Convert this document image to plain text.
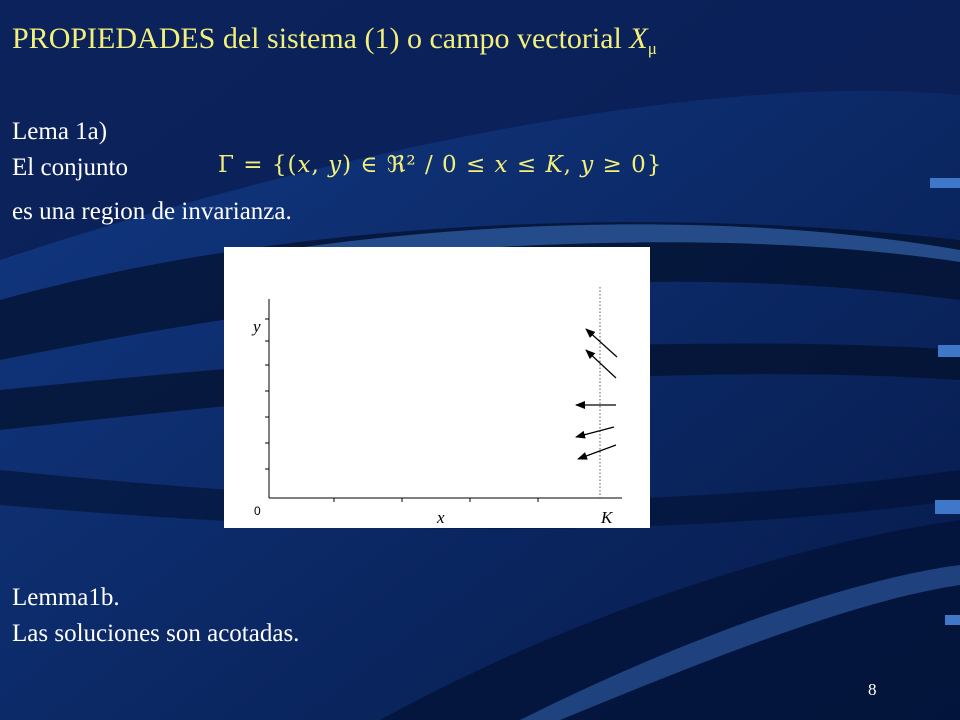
PROPIEDADES del sistema (1) o campo vectorial $X_\mu$
Lema 1a)
El conjunto	Γ = {(x, y) ∈ ℜ² / 0 ≤ x ≤ K, y ≥ 0}
es una region de invarianza.
y
x
0	K
Lemma1b.
Las soluciones son acotadas.
8
